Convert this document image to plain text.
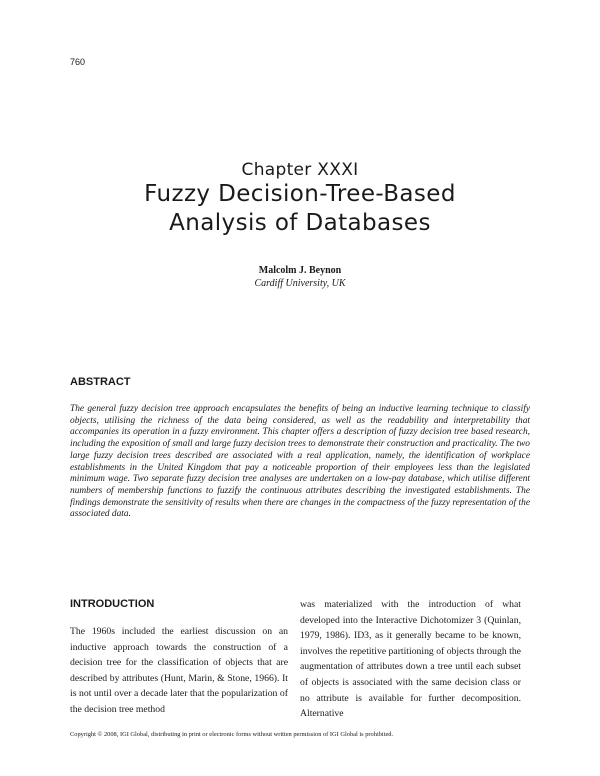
760
Chapter XXXI
Fuzzy Decision-Tree-Based
Analysis of Databases
Malcolm J. Beynon
Cardiff University, UK
ABSTRACT

The general fuzzy decision tree approach encapsulates the benefits of being an inductive learning technique to classify objects, utilising the richness of the data being considered, as well as the readability and interpretability that accompanies its operation in a fuzzy environment. This chapter offers a description of fuzzy decision tree based research, including the exposition of small and large fuzzy decision trees to demonstrate their construction and practicality. The two large fuzzy decision trees described are associated with a real application, namely, the identification of workplace establishments in the United Kingdom that pay a noticeable proportion of their employees less than the legislated minimum wage. Two separate fuzzy decision tree analyses are undertaken on a low-pay database, which utilise different numbers of membership functions to fuzzify the continuous attributes describing the investigated establishments. The findings demonstrate the sensitivity of results when there are changes in the compactness of the fuzzy representation of the associated data.

INTRODUCTION

The 1960s included the earliest discussion on an inductive approach towards the construction of a decision tree for the classification of objects that are described by attributes (Hunt, Marin, & Stone, 1966). It is not until over a decade later that the popularization of the decision tree method

was materialized with the introduction of what developed into the Interactive Dichotomizer 3 (Quinlan, 1979, 1986). ID3, as it generally became to be known, involves the repetitive partitioning of objects through the augmentation of attributes down a tree until each subset of objects is associated with the same decision class or no attribute is available for further decomposition. Alternative

Copyright © 2008, IGI Global, distributing in print or electronic forms without written permission of IGI Global is prohibited.
